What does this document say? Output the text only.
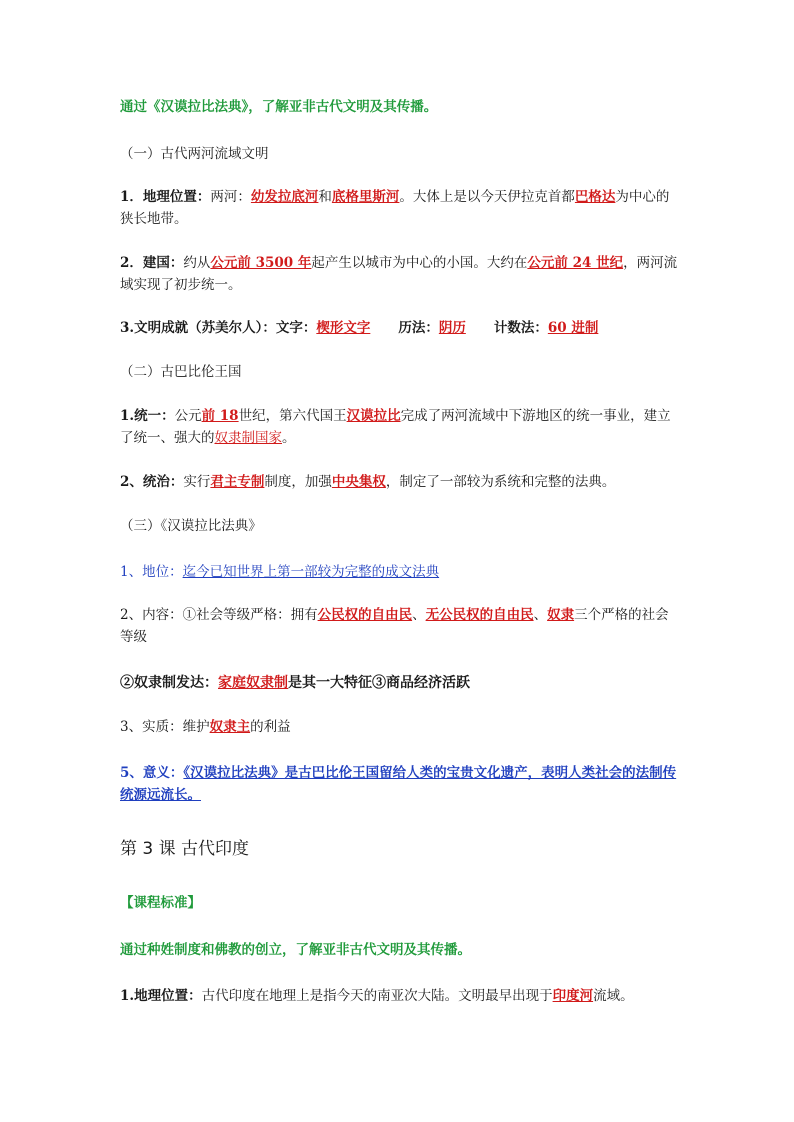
通过《汉谟拉比法典》，了解亚非古代文明及其传播。

（一）古代两河流域文明

1．地理位置：两河：幼发拉底河和底格里斯河。大体上是以今天伊拉克首都巴格达为中心的狭长地带。

2．建国：约从公元前 3500 年起产生以城市为中心的小国。大约在公元前 24 世纪，两河流域实现了初步统一。

3.文明成就（苏美尔人）：文字：楔形文字 历法：阴历 计数法：60 进制

（二）古巴比伦王国

1.统一：公元前 18世纪，第六代国王汉谟拉比完成了两河流域中下游地区的统一事业，建立了统一、强大的奴隶制国家。

2、统治：实行君主专制制度，加强中央集权，制定了一部较为系统和完整的法典。

（三）《汉谟拉比法典》

1、地位：迄今已知世界上第一部较为完整的成文法典

2、内容：①社会等级严格：拥有公民权的自由民、无公民权的自由民、奴隶三个严格的社会等级

②奴隶制发达：家庭奴隶制是其一大特征③商品经济活跃

3、实质：维护奴隶主的利益

5、意义：《汉谟拉比法典》是古巴比伦王国留给人类的宝贵文化遗产，表明人类社会的法制传统源远流长。

第 3 课 古代印度

【课程标准】

通过种姓制度和佛教的创立，了解亚非古代文明及其传播。

1.地理位置：古代印度在地理上是指今天的南亚次大陆。文明最早出现于印度河流域。
